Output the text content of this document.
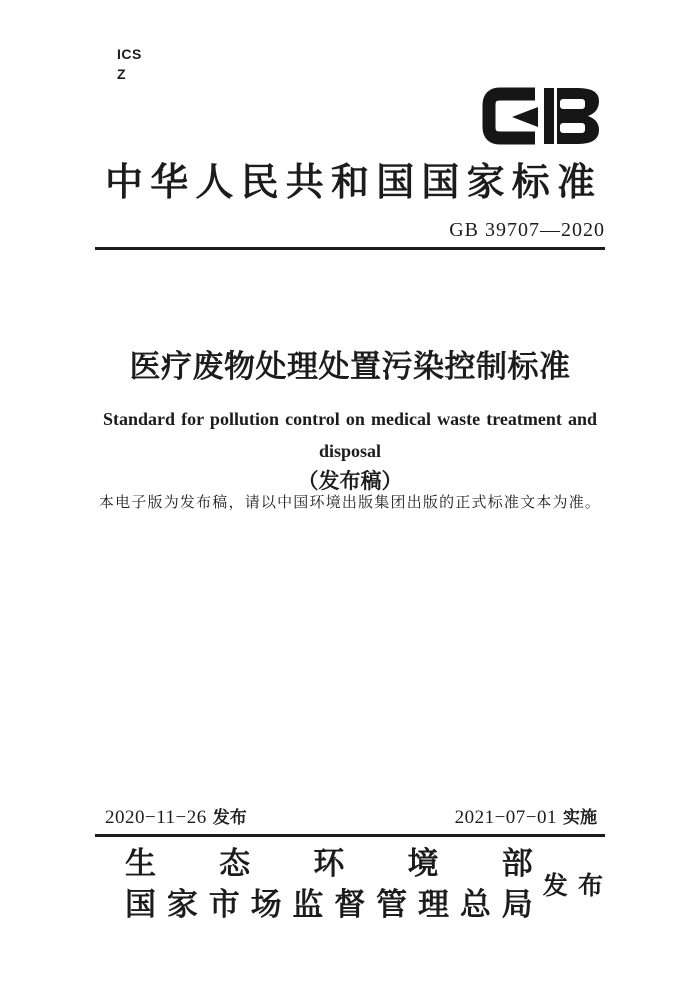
ICS
Z
中华人民共和国国家标准
GB 39707—2020
医疗废物处理处置污染控制标准
Standard for pollution control on medical waste treatment and
disposal
（发布稿）
本电子版为发布稿，请以中国环境出版集团出版的正式标准文本为准。
2020−11−26 发布	2021−07−01 实施
生态环境部
国家市场监督管理总局
发 布
